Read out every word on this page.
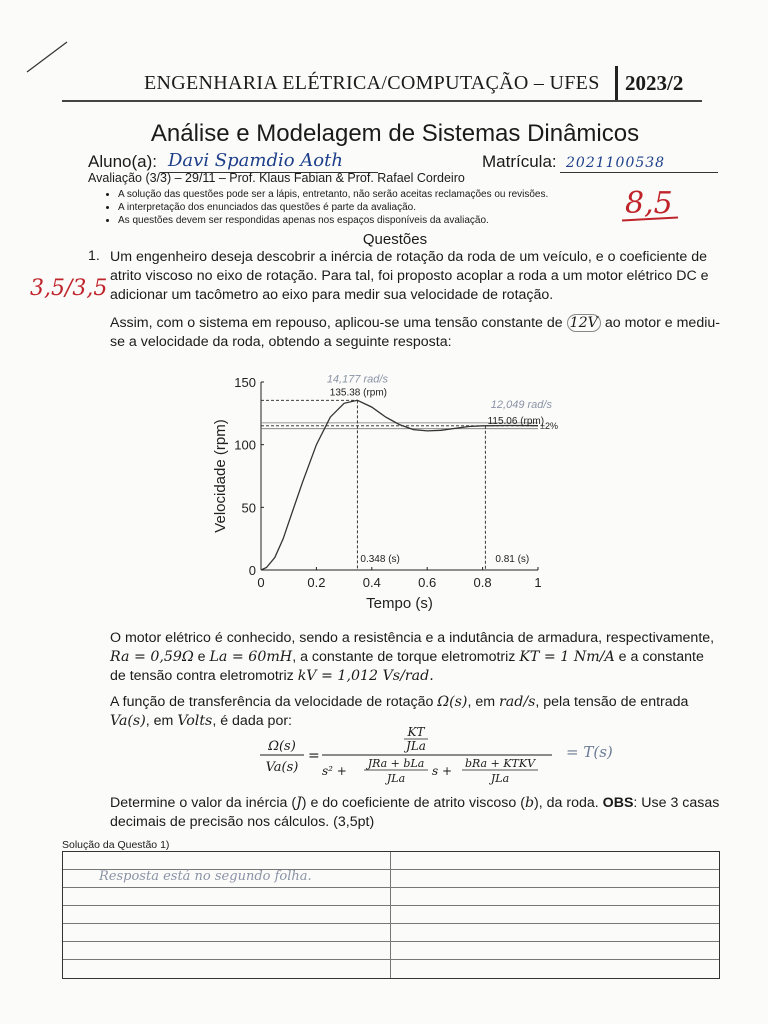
ENGENHARIA ELÉTRICA/COMPUTAÇÃO – UFES 2023/2
Análise e Modelagem de Sistemas Dinâmicos
Aluno(a): Davi Spamdio Aoth	Matrícula: 2021100538
Avaliação (3/3) – 29/11 – Prof. Klaus Fabian & Prof. Rafael Cordeiro
• A solução das questões pode ser a lápis, entretanto, não serão aceitas reclamações ou revisões.
• A interpretação dos enunciados das questões é parte da avaliação.
• As questões devem ser respondidas apenas nos espaços disponíveis da avaliação.	8,5
3,5/3,5
Questões
1. Um engenheiro deseja descobrir a inércia de rotação da roda de um veículo, e o coeficiente de atrito viscoso no eixo de rotação. Para tal, foi proposto acoplar a roda a um motor elétrico DC e adicionar um tacômetro ao eixo para medir sua velocidade de rotação.
Assim, com o sistema em repouso, aplicou-se uma tensão constante de 12V ao motor e mediu-se a velocidade da roda, obtendo a seguinte resposta:
0	0.2	0.4	0.6	0.8	1
0
50
100
150
Tempo (s)
Velocidade (rpm)
135.38 (rpm)
115.06 (rpm)
±2%
0.348 (s)	0.81 (s)
14,177 rad/s
12,049 rad/s
O motor elétrico é conhecido, sendo a resistência e a indutância de armadura, respectivamente, Ra = 0,59Ω e La = 60mH, a constante de torque eletromotriz KT = 1 Nm/A e a constante de tensão contra eletromotriz kV = 1,012 Vs/rad.
A função de transferência da velocidade de rotação Ω(s), em rad/s, pela tensão de entrada Va(s), em Volts, é dada por:
Ω(s)
Va(s)
=
KT
JLa
s² +
JRa + bLa
JLa
s +
bRa + KTKV
JLa
= T(s)
Determine o valor da inércia (J) e do coeficiente de atrito viscoso (b), da roda. OBS: Use 3 casas decimais de precisão nos cálculos. (3,5pt)
Solução da Questão 1)
Resposta está no segundo folha.
